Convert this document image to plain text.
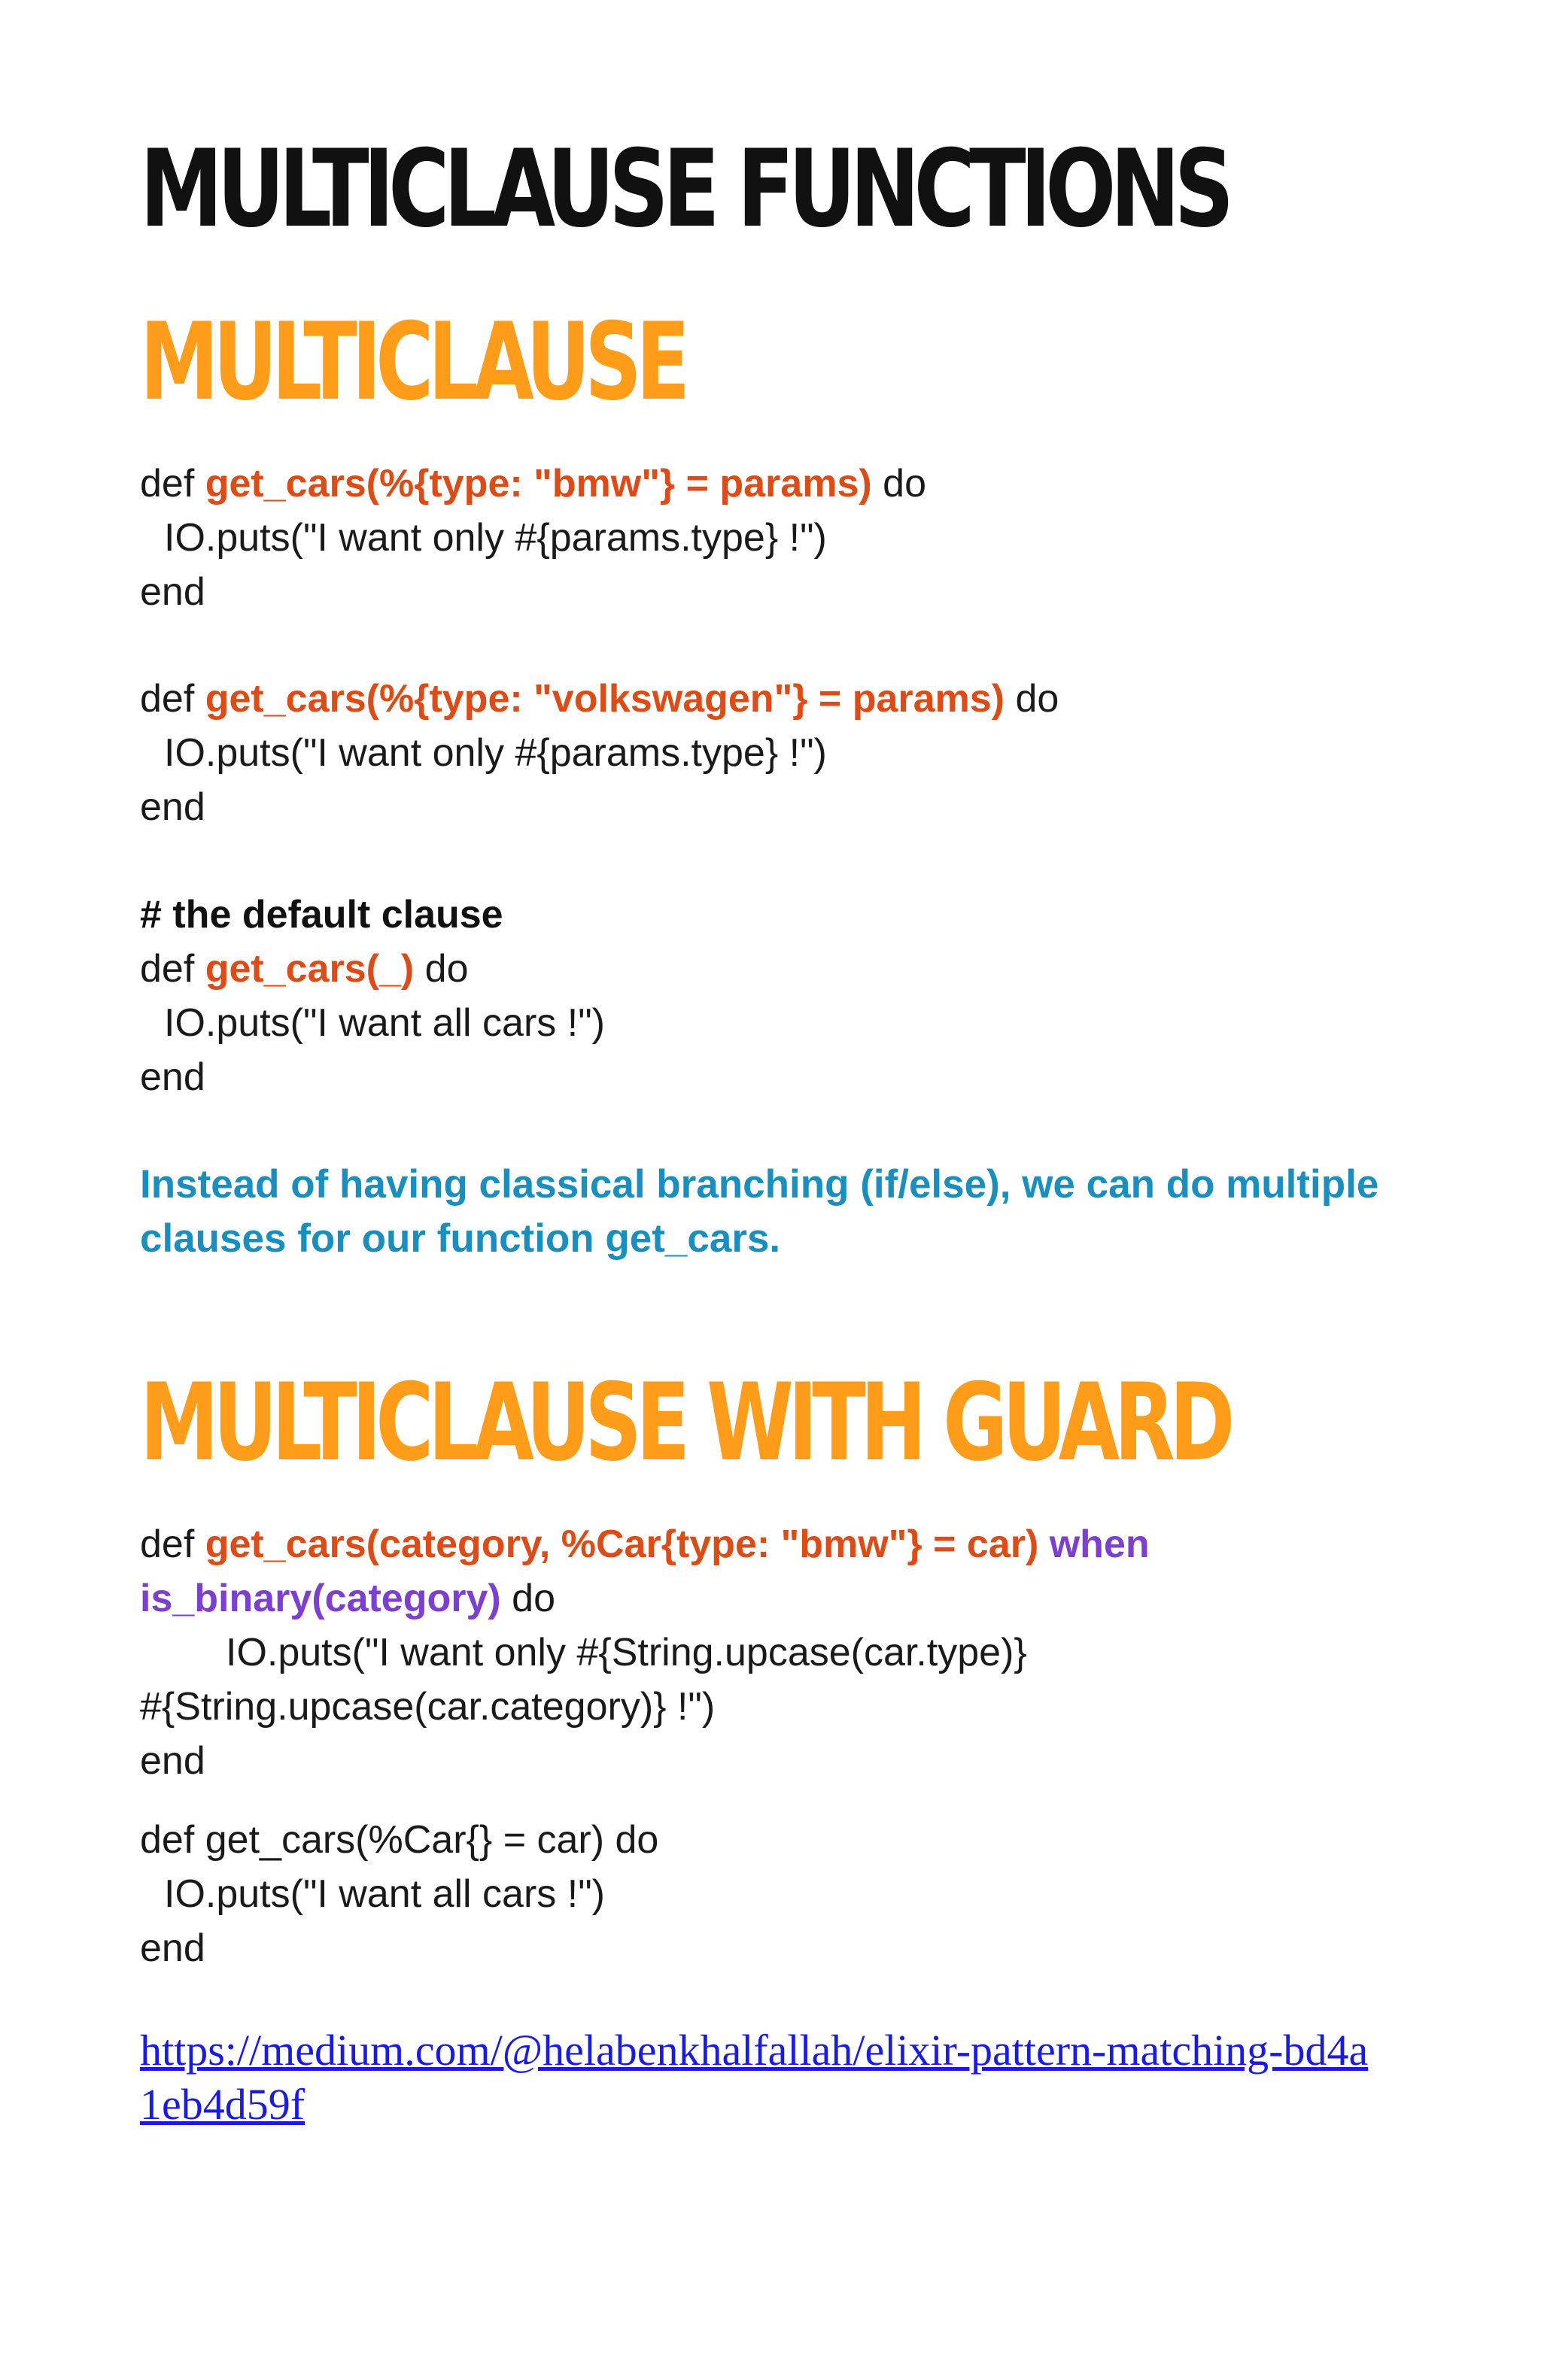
MULTICLAUSE FUNCTIONS
MULTICLAUSE
def get_cars(%{type: "bmw"} = params) do
IO.puts("I want only #{params.type} !")
end
def get_cars(%{type: "volkswagen"} = params) do
IO.puts("I want only #{params.type} !")
end
# the default clause
def get_cars(_) do
IO.puts("I want all cars !")
end

Instead of having classical branching (if/else), we can do multiple clauses for our function get_cars.

MULTICLAUSE WITH GUARD
def get_cars(category, %Car{type: "bmw"} = car) when
is_binary(category) do
IO.puts("I want only #{String.upcase(car.type)}
#{String.upcase(car.category)} !")
end
def get_cars(%Car{} = car) do
IO.puts("I want all cars !")
end
https://medium.com/@helabenkhalfallah/elixir-pattern-matching-bd4a1eb4d59f
